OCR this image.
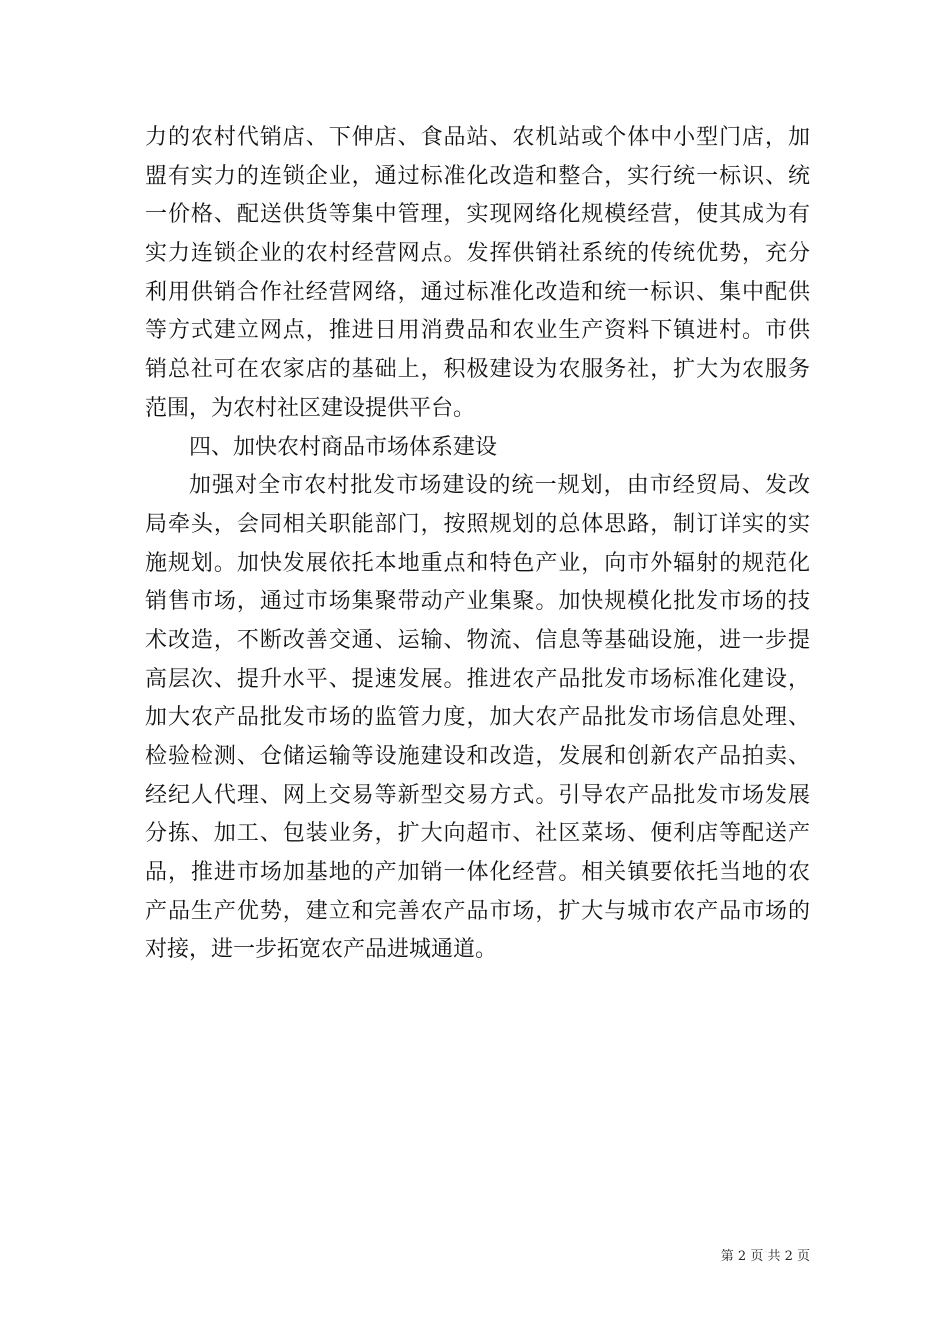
力的农村代销店、下伸店、食品站、农机站或个体中小型门店，加
盟有实力的连锁企业，通过标准化改造和整合，实行统一标识、统
一价格、配送供货等集中管理，实现网络化规模经营，使其成为有
实力连锁企业的农村经营网点。发挥供销社系统的传统优势，充分
利用供销合作社经营网络，通过标准化改造和统一标识、集中配供
等方式建立网点，推进日用消费品和农业生产资料下镇进村。市供
销总社可在农家店的基础上，积极建设为农服务社，扩大为农服务
范围，为农村社区建设提供平台。
四、加快农村商品市场体系建设
加强对全市农村批发市场建设的统一规划，由市经贸局、发改
局牵头，会同相关职能部门，按照规划的总体思路，制订详实的实
施规划。加快发展依托本地重点和特色产业，向市外辐射的规范化
销售市场，通过市场集聚带动产业集聚。加快规模化批发市场的技
术改造，不断改善交通、运输、物流、信息等基础设施，进一步提
高层次、提升水平、提速发展。推进农产品批发市场标准化建设，
加大农产品批发市场的监管力度，加大农产品批发市场信息处理、
检验检测、仓储运输等设施建设和改造，发展和创新农产品拍卖、
经纪人代理、网上交易等新型交易方式。引导农产品批发市场发展
分拣、加工、包装业务，扩大向超市、社区菜场、便利店等配送产
品，推进市场加基地的产加销一体化经营。相关镇要依托当地的农
产品生产优势，建立和完善农产品市场，扩大与城市农产品市场的
对接，进一步拓宽农产品进城通道。
第 2 页 共 2 页
